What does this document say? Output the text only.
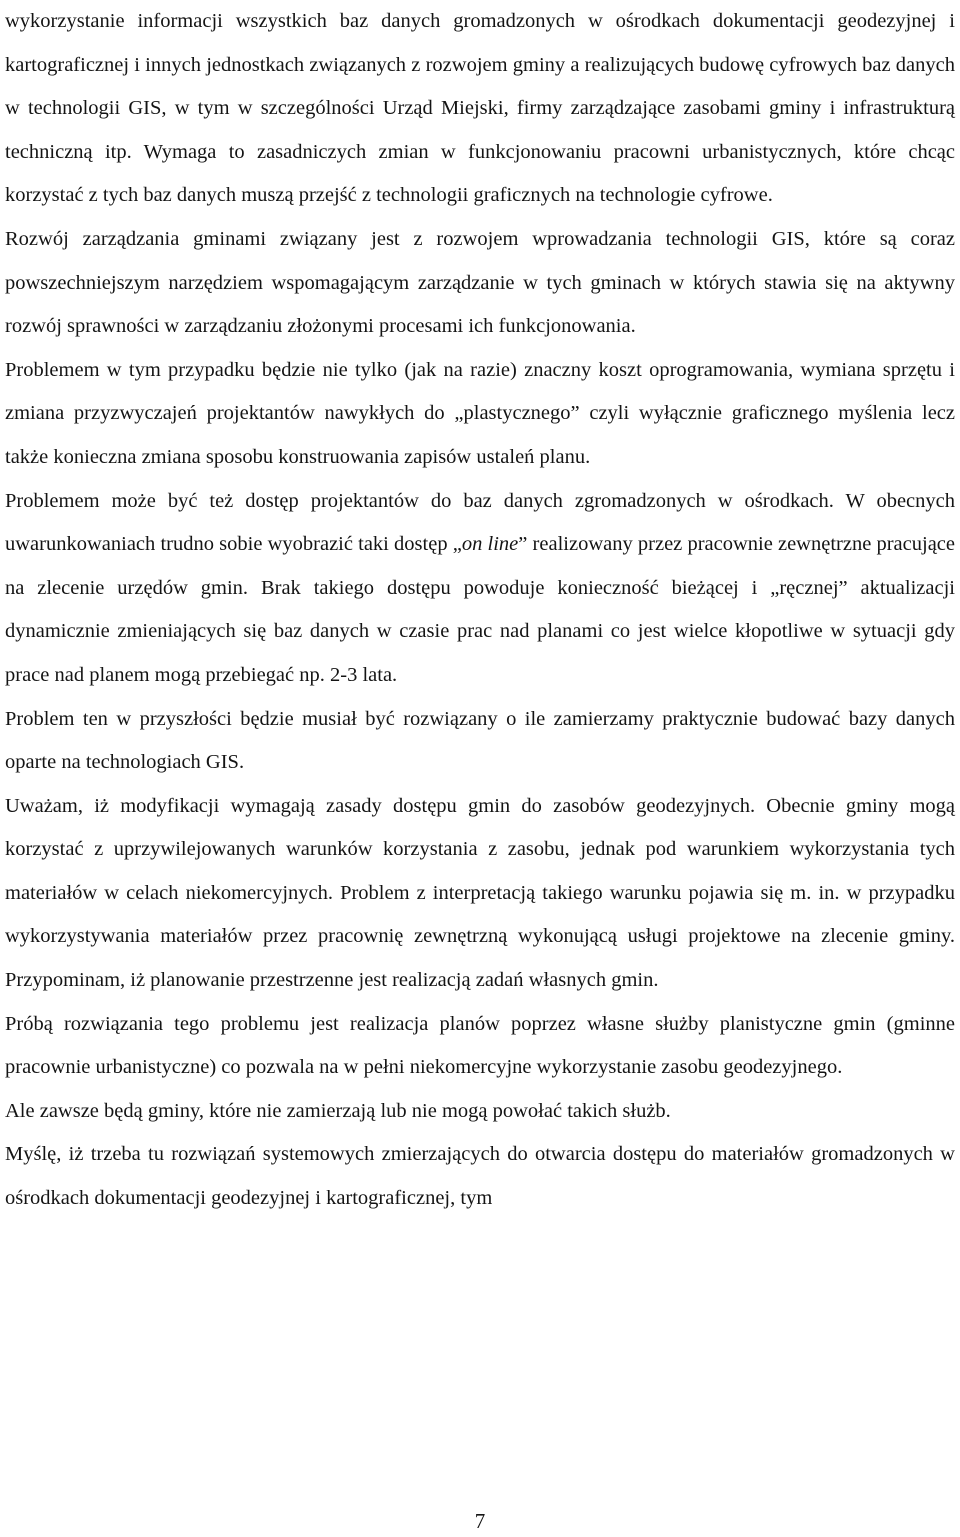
wykorzystanie informacji wszystkich baz danych gromadzonych w ośrodkach dokumentacji geodezyjnej i kartograficznej i innych jednostkach związanych z rozwojem gminy a realizujących budowę cyfrowych baz danych w technologii GIS, w tym w szczególności Urząd Miejski, firmy zarządzające zasobami gminy i infrastrukturą techniczną itp. Wymaga to zasadniczych zmian w funkcjonowaniu pracowni urbanistycznych, które chcąc korzystać z tych baz danych muszą przejść z technologii graficznych na technologie cyfrowe.

Rozwój zarządzania gminami związany jest z rozwojem wprowadzania technologii GIS, które są coraz powszechniejszym narzędziem wspomagającym zarządzanie w tych gminach w których stawia się na aktywny rozwój sprawności w zarządzaniu złożonymi procesami ich funkcjonowania.

Problemem w tym przypadku będzie nie tylko (jak na razie) znaczny koszt oprogramowania, wymiana sprzętu i zmiana przyzwyczajeń projektantów nawykłych do „plastycznego” czyli wyłącznie graficznego myślenia lecz także konieczna zmiana sposobu konstruowania zapisów ustaleń planu.

Problemem może być też dostęp projektantów do baz danych zgromadzonych w ośrodkach. W obecnych uwarunkowaniach trudno sobie wyobrazić taki dostęp „on line” realizowany przez pracownie zewnętrzne pracujące na zlecenie urzędów gmin. Brak takiego dostępu powoduje konieczność bieżącej i „ręcznej” aktualizacji dynamicznie zmieniających się baz danych w czasie prac nad planami co jest wielce kłopotliwe w sytuacji gdy prace nad planem mogą przebiegać np. 2-3 lata.

Problem ten w przyszłości będzie musiał być rozwiązany o ile zamierzamy praktycznie budować bazy danych oparte na technologiach GIS.

Uważam, iż modyfikacji wymagają zasady dostępu gmin do zasobów geodezyjnych. Obecnie gminy mogą korzystać z uprzywilejowanych warunków korzystania z zasobu, jednak pod warunkiem wykorzystania tych materiałów w celach niekomercyjnych. Problem z interpretacją takiego warunku pojawia się m. in. w przypadku wykorzystywania materiałów przez pracownię zewnętrzną wykonującą usługi projektowe na zlecenie gminy. Przypominam, iż planowanie przestrzenne jest realizacją zadań własnych gmin.

Próbą rozwiązania tego problemu jest realizacja planów poprzez własne służby planistyczne gmin (gminne pracownie urbanistyczne) co pozwala na w pełni niekomercyjne wykorzystanie zasobu geodezyjnego.

Ale zawsze będą gminy, które nie zamierzają lub nie mogą powołać takich służb.

Myślę, iż trzeba tu rozwiązań systemowych zmierzających do otwarcia dostępu do materiałów gromadzonych w ośrodkach dokumentacji geodezyjnej i kartograficznej, tym

7
